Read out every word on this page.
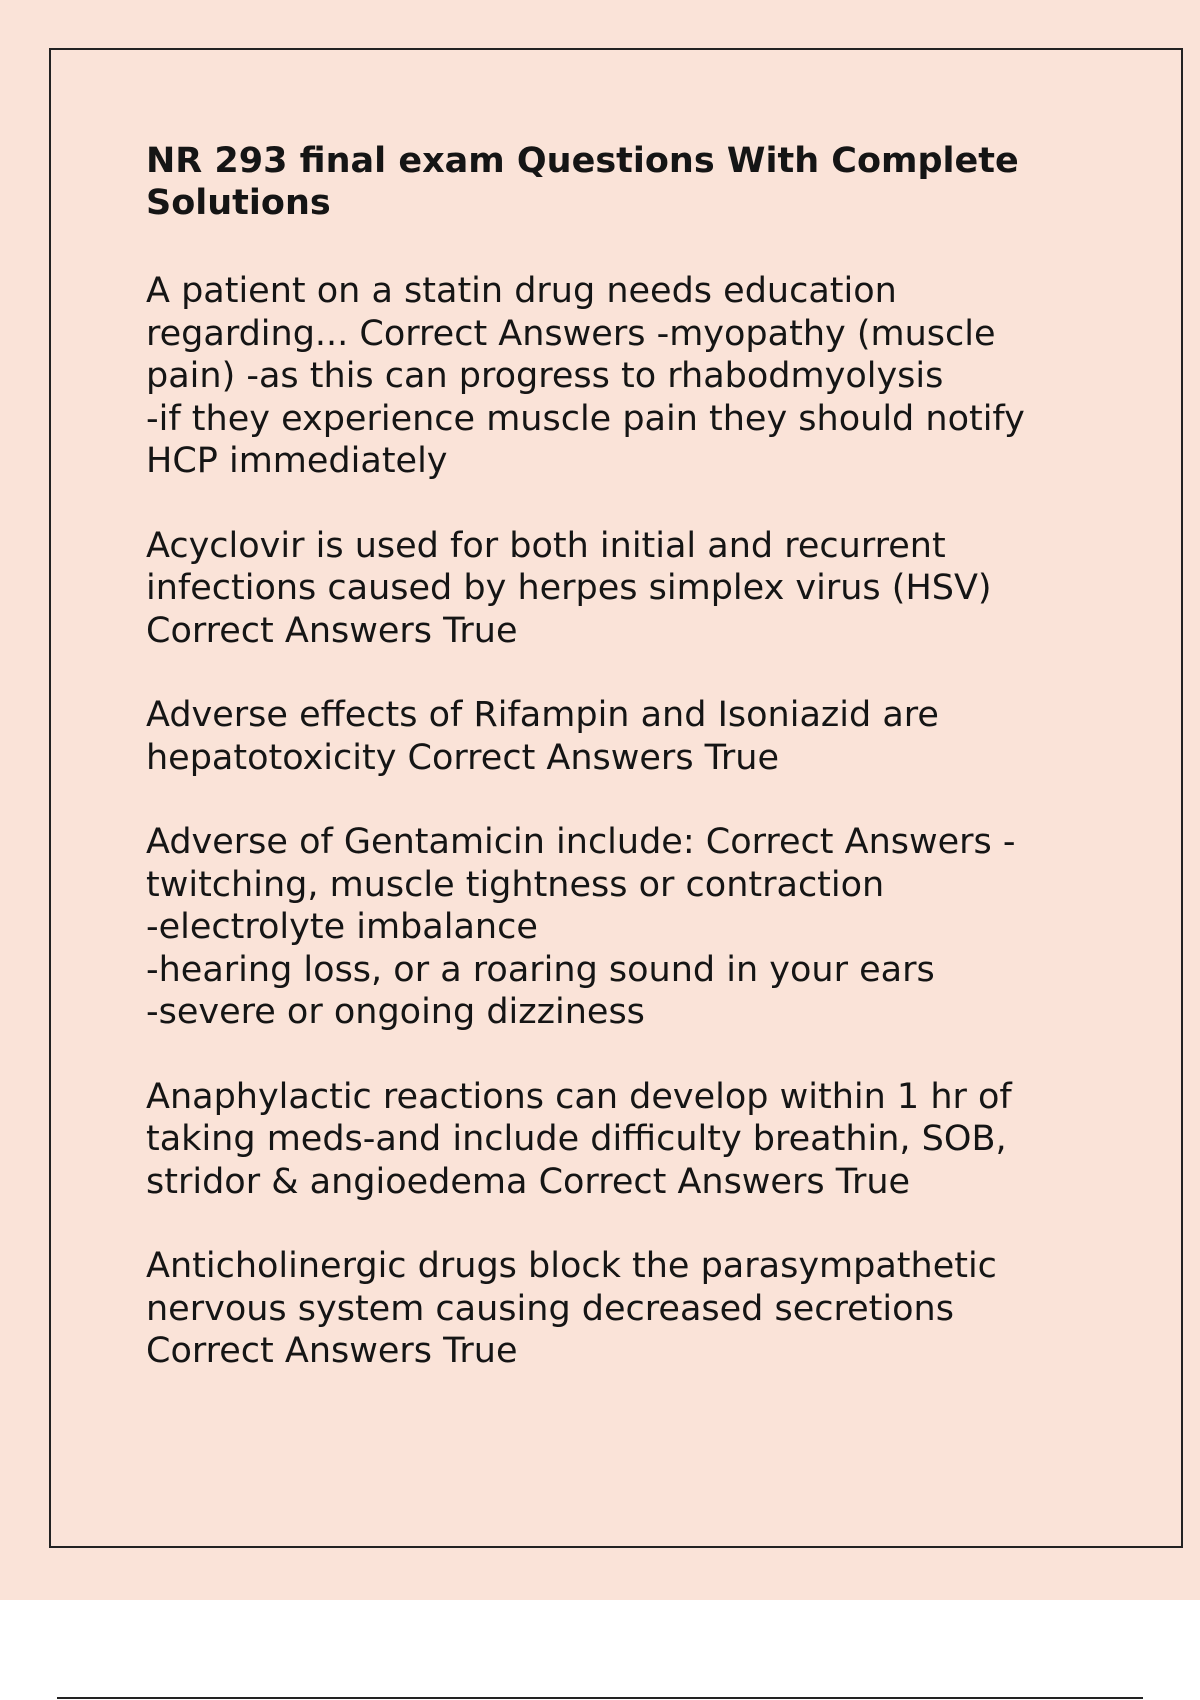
NR 293 final exam Questions With Complete
Solutions
A patient on a statin drug needs education
regarding... Correct Answers -myopathy (muscle
pain) -as this can progress to rhabodmyolysis
-if they experience muscle pain they should notify
HCP immediately
Acyclovir is used for both initial and recurrent
infections caused by herpes simplex virus (HSV)
Correct Answers True
Adverse effects of Rifampin and Isoniazid are
hepatotoxicity Correct Answers True
Adverse of Gentamicin include: Correct Answers -
twitching, muscle tightness or contraction
-electrolyte imbalance
-hearing loss, or a roaring sound in your ears
-severe or ongoing dizziness
Anaphylactic reactions can develop within 1 hr of
taking meds-and include difficulty breathin, SOB,
stridor & angioedema Correct Answers True
Anticholinergic drugs block the parasympathetic
nervous system causing decreased secretions
Correct Answers True
